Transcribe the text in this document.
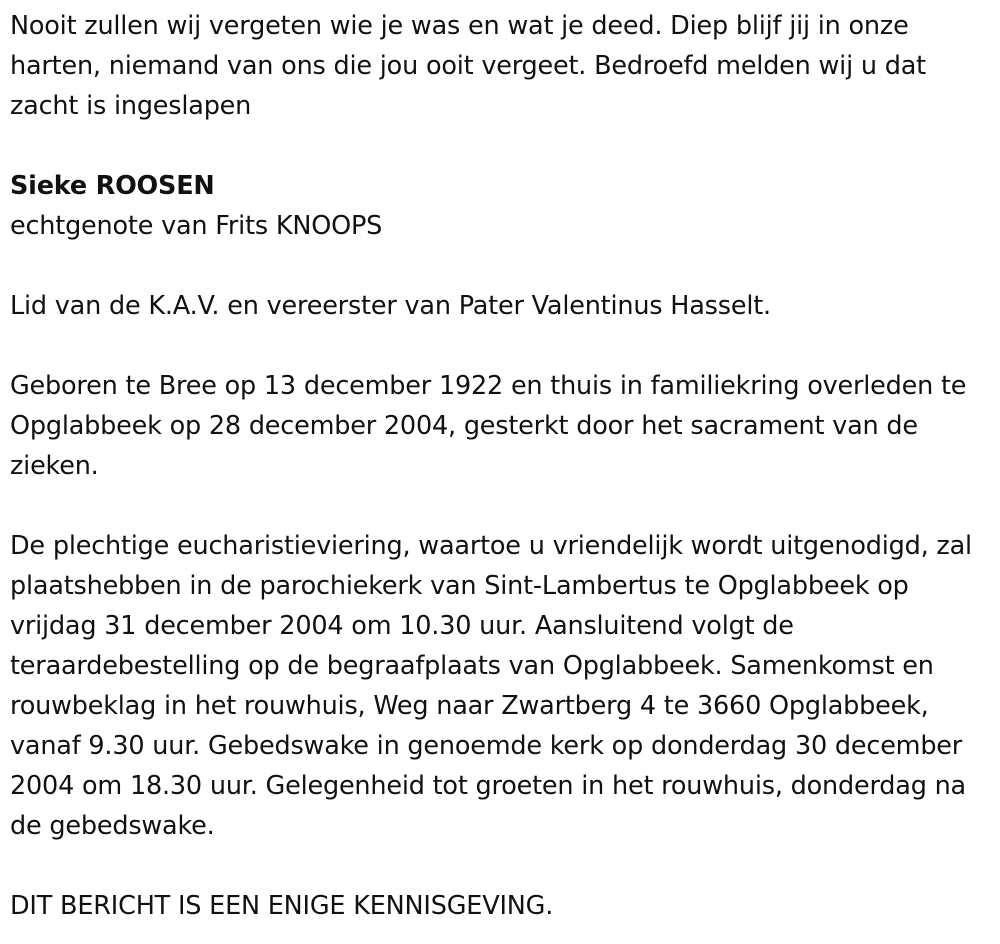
Nooit zullen wij vergeten wie je was en wat je deed. Diep blijf jij in onze harten, niemand van ons die jou ooit vergeet. Bedroefd melden wij u dat zacht is ingeslapen

Sieke ROOSEN

echtgenote van Frits KNOOPS

Lid van de K.A.V. en vereerster van Pater Valentinus Hasselt.

Geboren te Bree op 13 december 1922 en thuis in familiekring overleden te Opglabbeek op 28 december 2004, gesterkt door het sacrament van de zieken.

De plechtige eucharistieviering, waartoe u vriendelijk wordt uitgenodigd, zal plaatshebben in de parochiekerk van Sint-Lambertus te Opglabbeek op vrijdag 31 december 2004 om 10.30 uur. Aansluitend volgt de teraardebestelling op de begraafplaats van Opglabbeek. Samenkomst en rouwbeklag in het rouwhuis, Weg naar Zwartberg 4 te 3660 Opglabbeek, vanaf 9.30 uur. Gebedswake in genoemde kerk op donderdag 30 december 2004 om 18.30 uur. Gelegenheid tot groeten in het rouwhuis, donderdag na de gebedswake.

DIT BERICHT IS EEN ENIGE KENNISGEVING.
